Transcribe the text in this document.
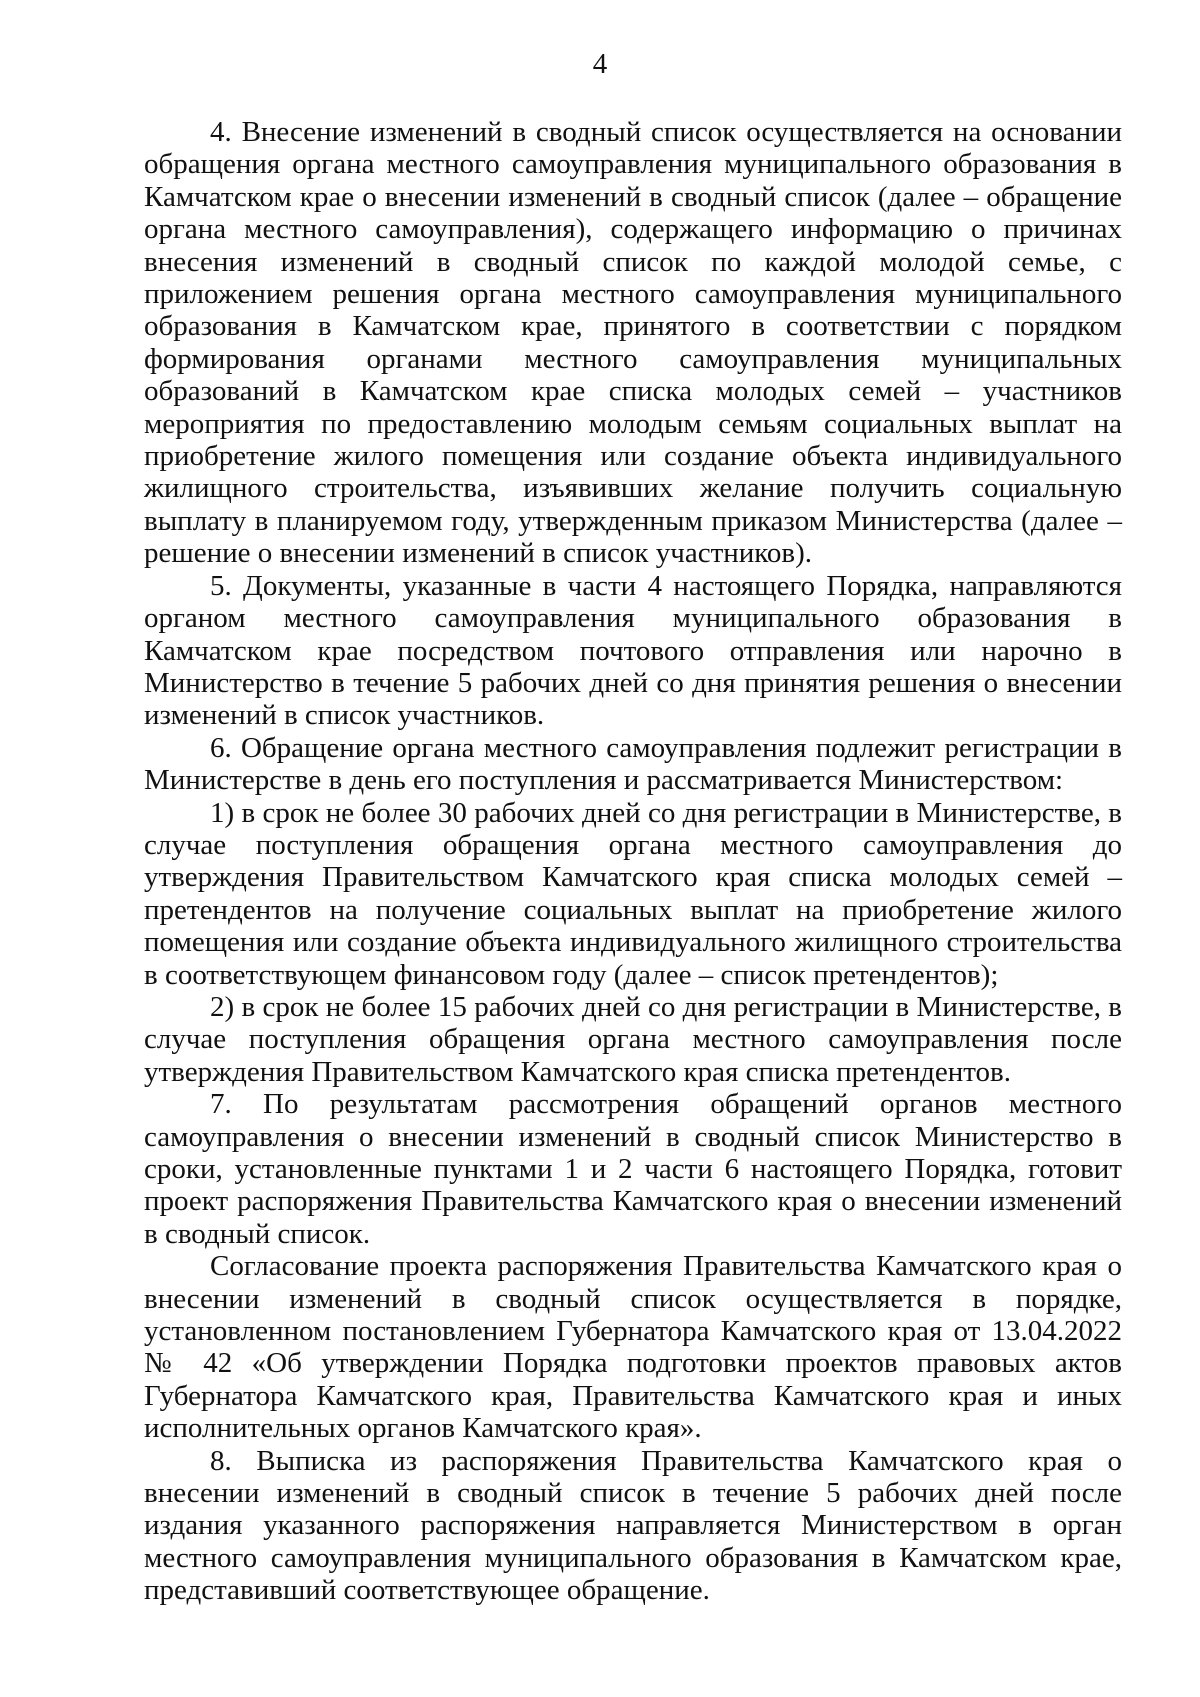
4

4. Внесение изменений в сводный список осуществляется на основании обращения органа местного самоуправления муниципального образования в Камчатском крае о внесении изменений в сводный список (далее – обращение органа местного самоуправления), содержащего информацию о причинах внесения изменений в сводный список по каждой молодой семье, с приложением решения органа местного самоуправления муниципального образования в Камчатском крае, принятого в соответствии с порядком формирования органами местного самоуправления муниципальных образований в Камчатском крае списка молодых семей – участников мероприятия по предоставлению молодым семьям социальных выплат на приобретение жилого помещения или создание объекта индивидуального жилищного строительства, изъявивших желание получить социальную выплату в планируемом году, утвержденным приказом Министерства (далее – решение о внесении изменений в список участников).

5. Документы, указанные в части 4 настоящего Порядка, направляются органом местного самоуправления муниципального образования в Камчатском крае посредством почтового отправления или нарочно в Министерство в течение 5 рабочих дней со дня принятия решения о внесении изменений в список участников.

6. Обращение органа местного самоуправления подлежит регистрации в Министерстве в день его поступления и рассматривается Министерством:

1) в срок не более 30 рабочих дней со дня регистрации в Министерстве, в случае поступления обращения органа местного самоуправления до утверждения Правительством Камчатского края списка молодых семей – претендентов на получение социальных выплат на приобретение жилого помещения или создание объекта индивидуального жилищного строительства в соответствующем финансовом году (далее – список претендентов);

2) в срок не более 15 рабочих дней со дня регистрации в Министерстве, в случае поступления обращения органа местного самоуправления после утверждения Правительством Камчатского края списка претендентов.

7. По результатам рассмотрения обращений органов местного самоуправления о внесении изменений в сводный список Министерство в сроки, установленные пунктами 1 и 2 части 6 настоящего Порядка, готовит проект распоряжения Правительства Камчатского края о внесении изменений в сводный список.

Согласование проекта распоряжения Правительства Камчатского края о внесении изменений в сводный список осуществляется в порядке, установленном постановлением Губернатора Камчатского края от 13.04.2022 № 42 «Об утверждении Порядка подготовки проектов правовых актов Губернатора Камчатского края, Правительства Камчатского края и иных исполнительных органов Камчатского края».

8. Выписка из распоряжения Правительства Камчатского края о внесении изменений в сводный список в течение 5 рабочих дней после издания указанного распоряжения направляется Министерством в орган местного самоуправления муниципального образования в Камчатском крае, представивший соответствующее обращение.
